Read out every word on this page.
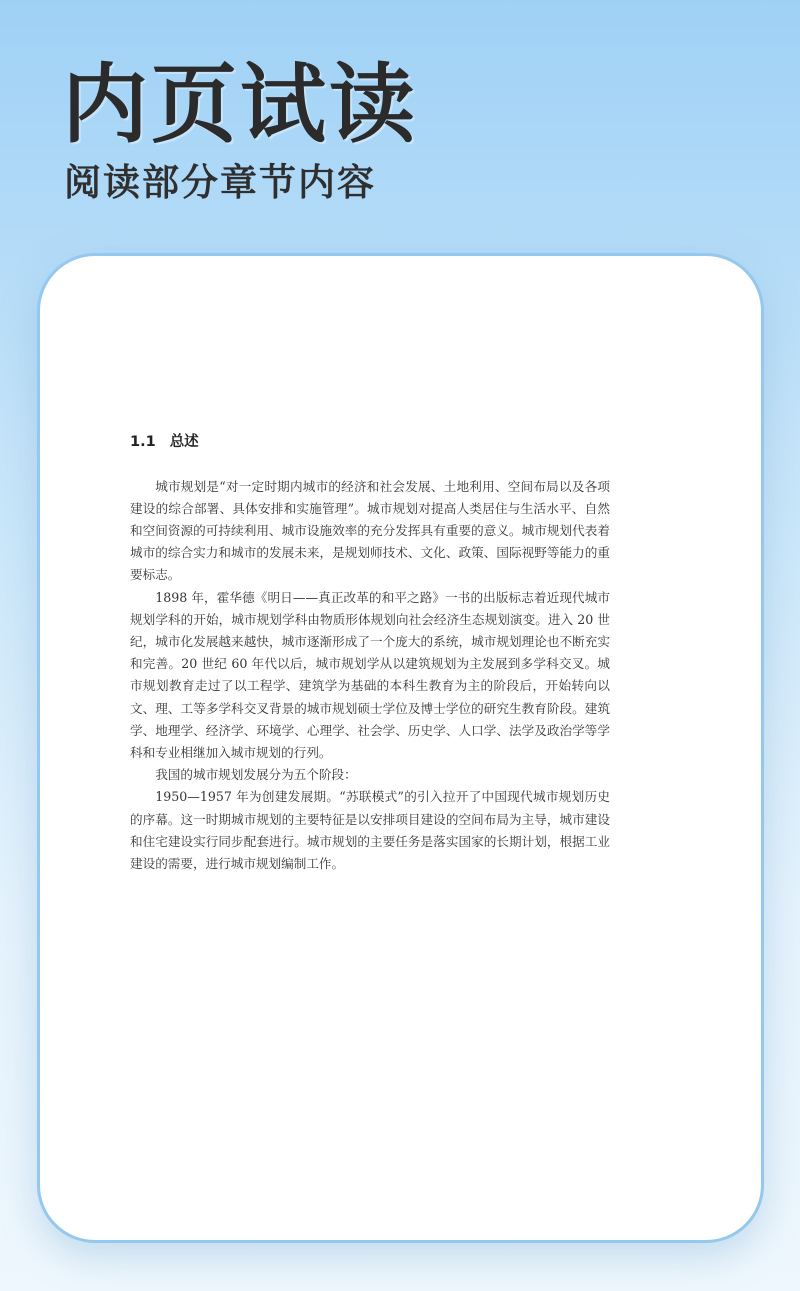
内页试读
阅读部分章节内容
1.1 总述

城市规划是“对一定时期内城市的经济和社会发展、土地利用、空间布局以及各项建设的综合部署、具体安排和实施管理”。城市规划对提高人类居住与生活水平、自然和空间资源的可持续利用、城市设施效率的充分发挥具有重要的意义。城市规划代表着城市的综合实力和城市的发展未来，是规划师技术、文化、政策、国际视野等能力的重要标志。

1898 年，霍华德《明日——真正改革的和平之路》一书的出版标志着近现代城市规划学科的开始，城市规划学科由物质形体规划向社会经济生态规划演变。进入 20 世纪，城市化发展越来越快，城市逐渐形成了一个庞大的系统，城市规划理论也不断充实和完善。20 世纪 60 年代以后，城市规划学从以建筑规划为主发展到多学科交叉。城市规划教育走过了以工程学、建筑学为基础的本科生教育为主的阶段后，开始转向以文、理、工等多学科交叉背景的城市规划硕士学位及博士学位的研究生教育阶段。建筑学、地理学、经济学、环境学、心理学、社会学、历史学、人口学、法学及政治学等学科和专业相继加入城市规划的行列。

我国的城市规划发展分为五个阶段：

1950—1957 年为创建发展期。“苏联模式”的引入拉开了中国现代城市规划历史的序幕。这一时期城市规划的主要特征是以安排项目建设的空间布局为主导，城市建设和住宅建设实行同步配套进行。城市规划的主要任务是落实国家的长期计划，根据工业建设的需要，进行城市规划编制工作。
